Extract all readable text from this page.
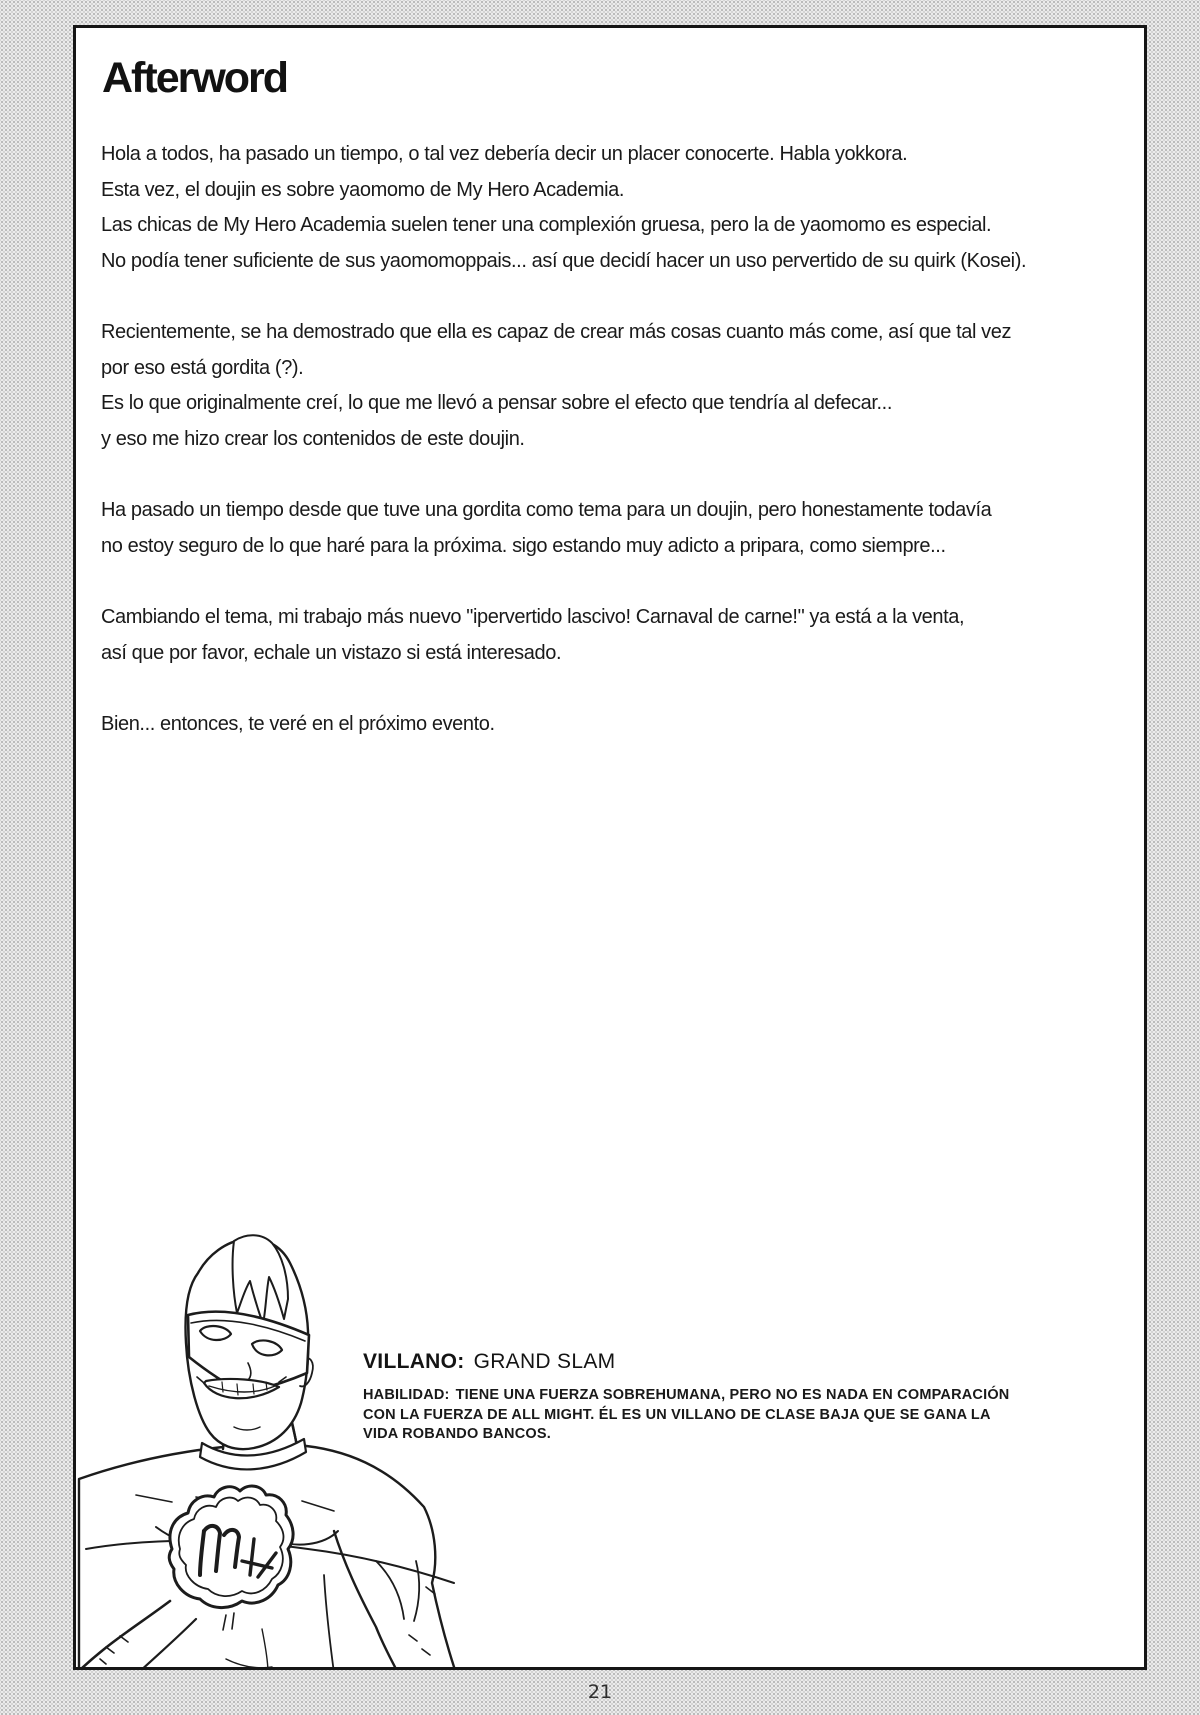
Afterword
Hola a todos, ha pasado un tiempo, o tal vez debería decir un placer conocerte. Habla yokkora.
Esta vez, el doujin es sobre yaomomo de My Hero Academia.
Las chicas de My Hero Academia suelen tener una complexión gruesa, pero la de yaomomo es especial.
No podía tener suficiente de sus yaomomoppais... así que decidí hacer un uso pervertido de su quirk (Kosei).
Recientemente, se ha demostrado que ella es capaz de crear más cosas cuanto más come, así que tal vez
por eso está gordita (?).
Es lo que originalmente creí, lo que me llevó a pensar sobre el efecto que tendría al defecar...
y eso me hizo crear los contenidos de este doujin.
Ha pasado un tiempo desde que tuve una gordita como tema para un doujin, pero honestamente todavía
no estoy seguro de lo que haré para la próxima. sigo estando muy adicto a pripara, como siempre...
Cambiando el tema, mi trabajo más nuevo "ipervertido lascivo! Carnaval de carne!" ya está a la venta,
así que por favor, echale un vistazo si está interesado.
Bien... entonces, te veré en el próximo evento.
VILLANO: GRAND SLAM
HABILIDAD: TIENE UNA FUERZA SOBREHUMANA, PERO NO ES NADA EN COMPARACIÓN
CON LA FUERZA DE ALL MIGHT. ÉL ES UN VILLANO DE CLASE BAJA QUE SE GANA LA
VIDA ROBANDO BANCOS.
21
